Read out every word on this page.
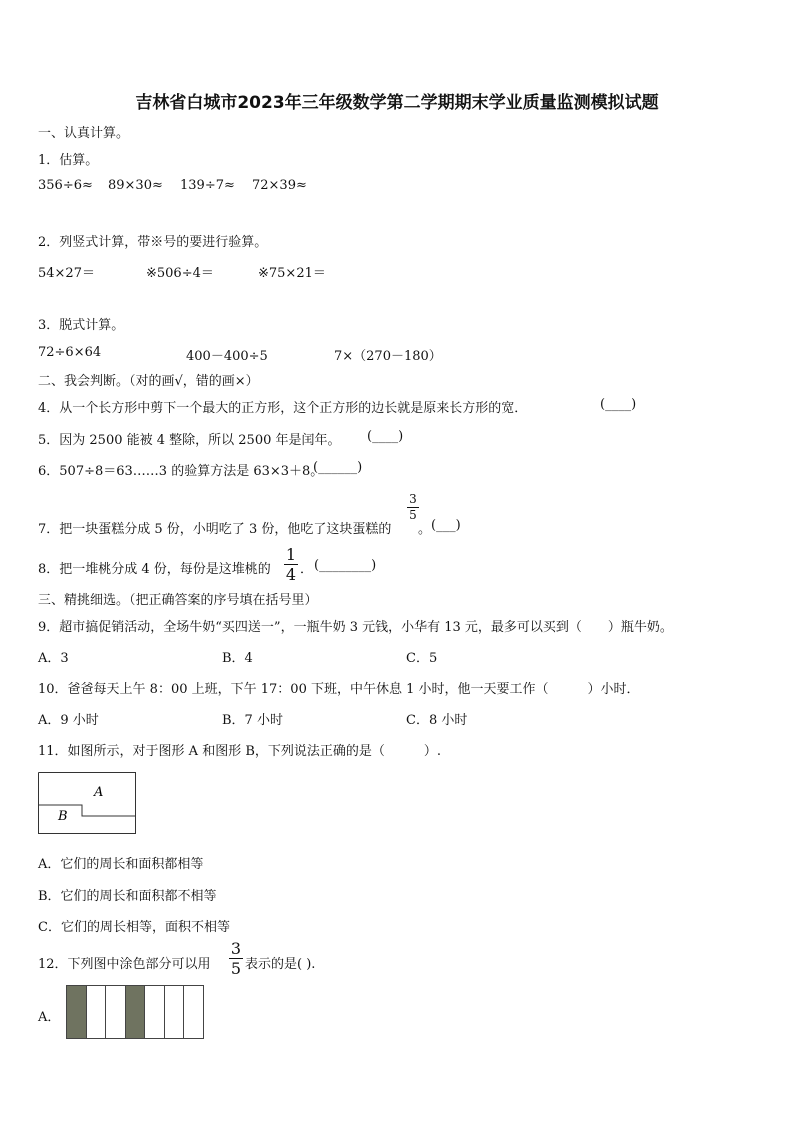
吉林省白城市2023年三年级数学第二学期期末学业质量监测模拟试题
一、认真计算。
1．估算。
356÷6≈ 89×30≈ 139÷7≈ 72×39≈
2．列竖式计算，带※号的要进行验算。
54×27＝	※506÷4＝	※75×21＝
3．脱式计算。
72÷6×64	400－400÷5	7×（270－180）
二、我会判断。（对的画√，错的画×）
4．从一个长方形中剪下一个最大的正方形，这个正方形的边长就是原来长方形的宽．	(____)
5．因为 2500 能被 4 整除，所以 2500 年是闰年。 (____)
6．507÷8＝63……3 的验算方法是 63×3＋8。
(______)
7．把一块蛋糕分成 5 份，小明吃了 3 份，他吃了这块蛋糕的
3
5
。 (___)
8．把一堆桃分成 4 份，每份是这堆桃的
1
4 ． (________)
三、精挑细选。（把正确答案的序号填在括号里）
9．超市搞促销活动，全场牛奶“买四送一”，一瓶牛奶 3 元钱，小华有 13 元，最多可以买到（　　）瓶牛奶。
A．3	B．4	C．5
10．爸爸每天上午 8：00 上班，下午 17：00 下班，中午休息 1 小时，他一天要工作（　　　）小时．
A．9 小时	B．7 小时	C．8 小时
11．如图所示，对于图形 A 和图形 B，下列说法正确的是（　　　）.
A
B
A．它们的周长和面积都相等
B．它们的周长和面积都不相等
C．它们的周长相等，面积不相等
12．下列图中涂色部分可以用
3
5 表示的是( ).
A．
